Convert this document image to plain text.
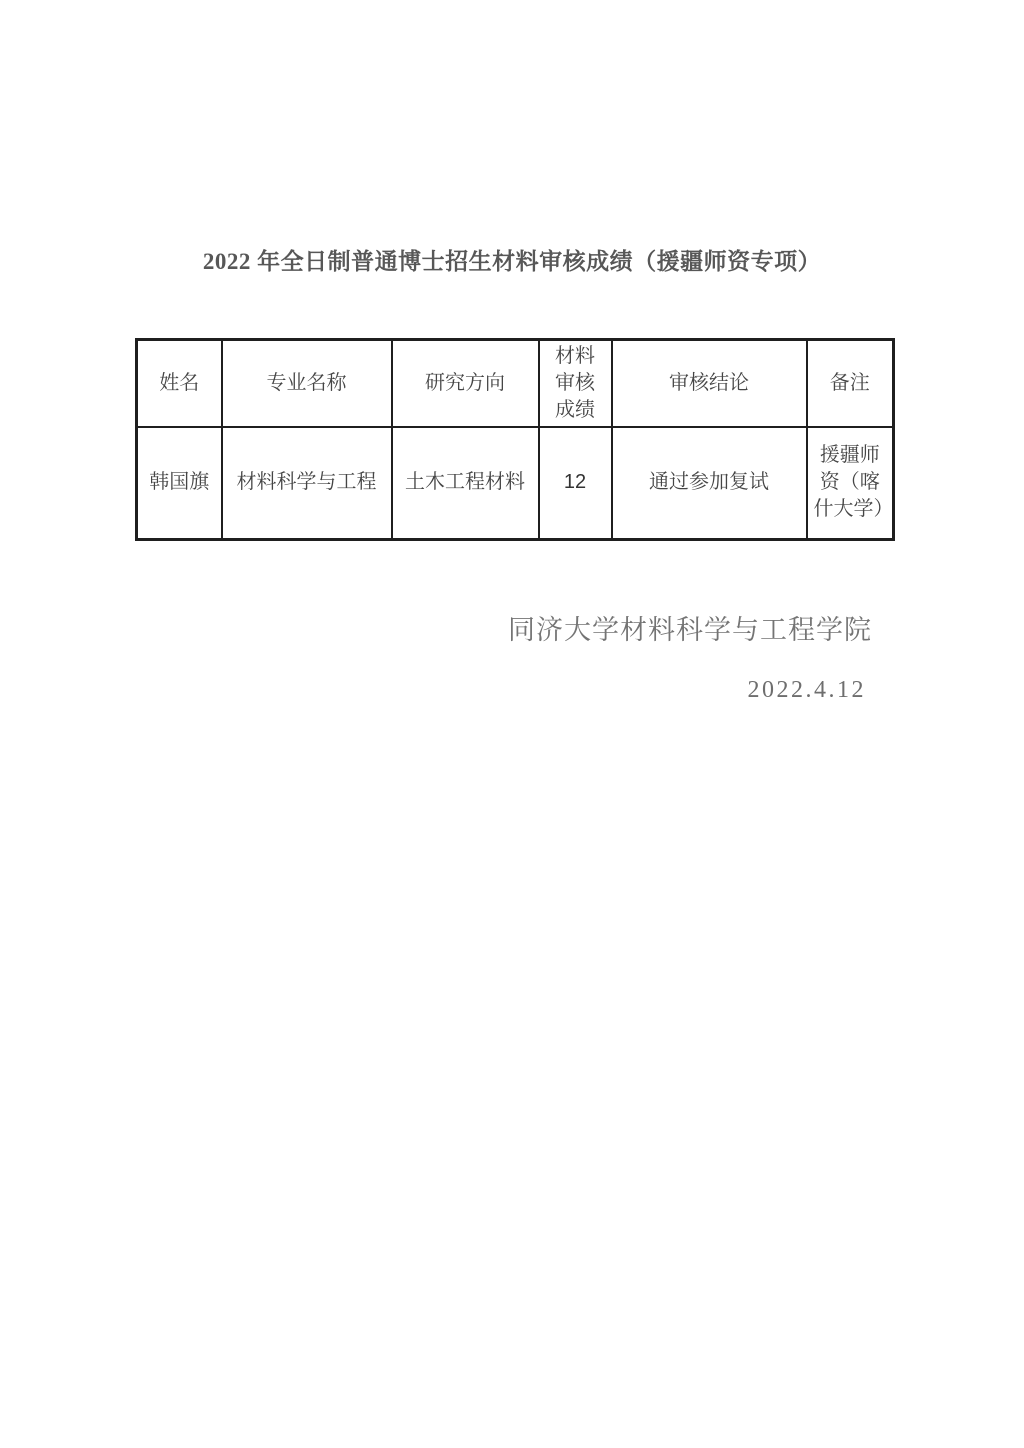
2022 年全日制普通博士招生材料审核成绩（援疆师资专项）
姓名	专业名称	研究方向	材料审核成绩	审核结论	备注
韩国旗	材料科学与工程	土木工程材料	12	通过参加复试	援疆师资（喀什大学）
同济大学材料科学与工程学院
2022.4.12
